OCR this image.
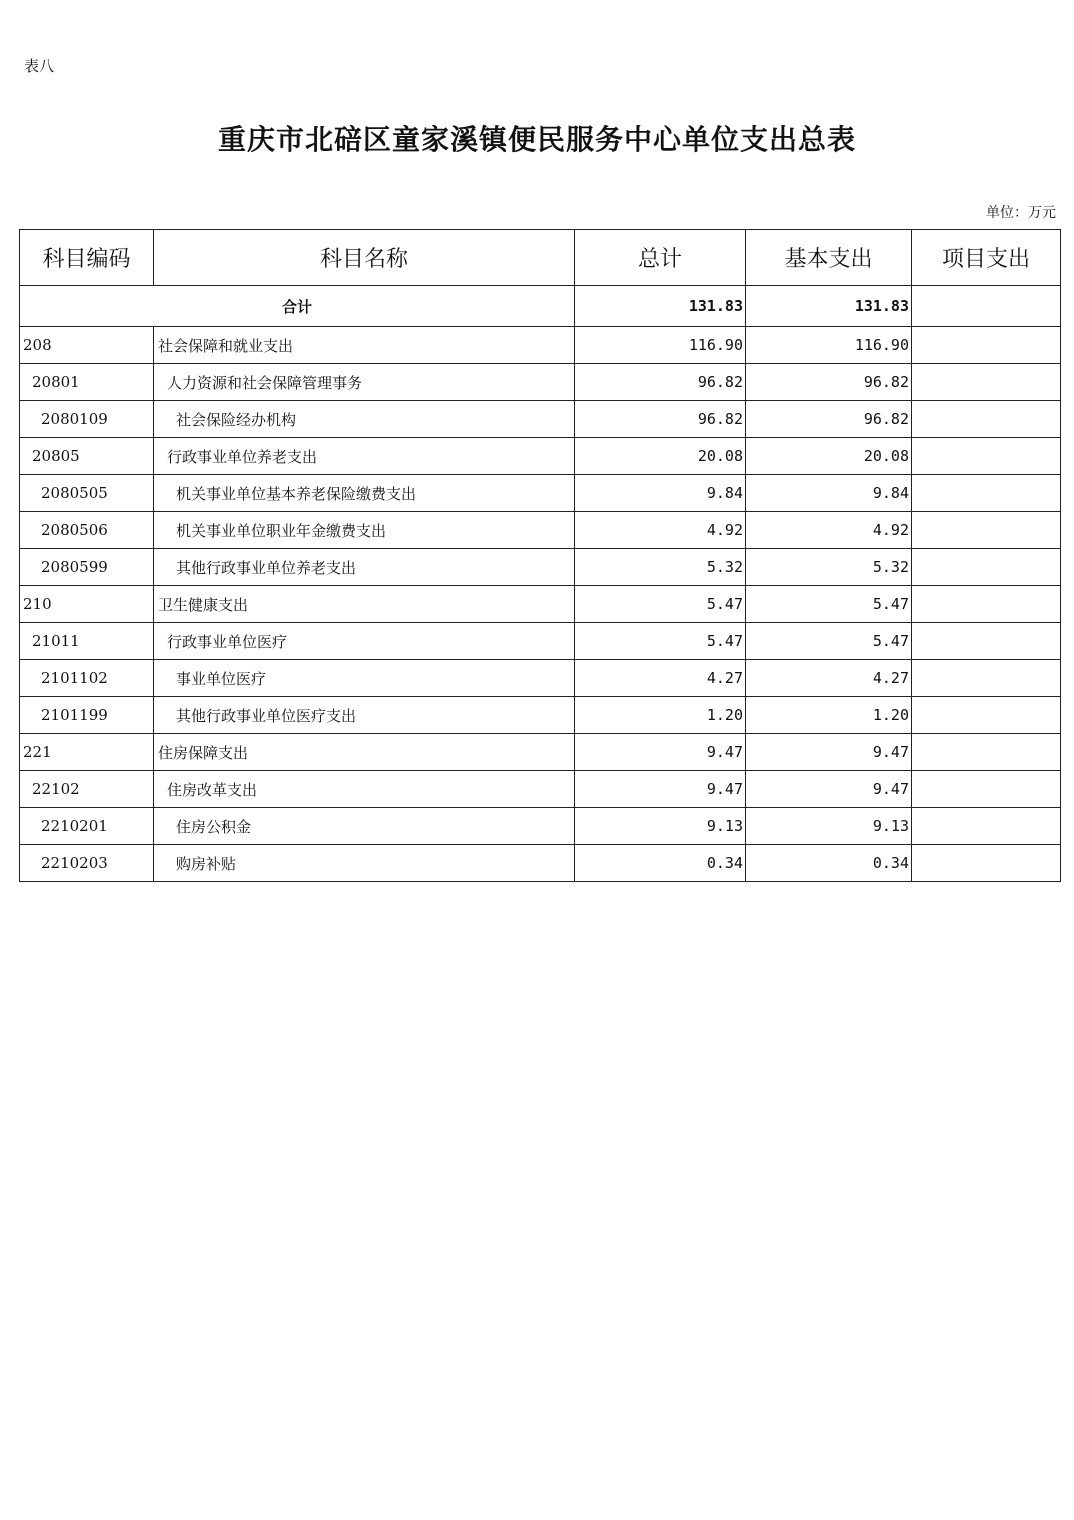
表八
重庆市北碚区童家溪镇便民服务中心单位支出总表
单位：万元
科目编码	科目名称	总计	基本支出	项目支出
合计		131.83	131.83	
208	社会保障和就业支出	116.90	116.90	
20801	人力资源和社会保障管理事务	96.82	96.82	
2080109	社会保险经办机构	96.82	96.82	
20805	行政事业单位养老支出	20.08	20.08	
2080505	机关事业单位基本养老保险缴费支出	9.84	9.84	
2080506	机关事业单位职业年金缴费支出	4.92	4.92	
2080599	其他行政事业单位养老支出	5.32	5.32	
210	卫生健康支出	5.47	5.47	
21011	行政事业单位医疗	5.47	5.47	
2101102	事业单位医疗	4.27	4.27	
2101199	其他行政事业单位医疗支出	1.20	1.20	
221	住房保障支出	9.47	9.47	
22102	住房改革支出	9.47	9.47	
2210201	住房公积金	9.13	9.13	
2210203	购房补贴	0.34	0.34	
